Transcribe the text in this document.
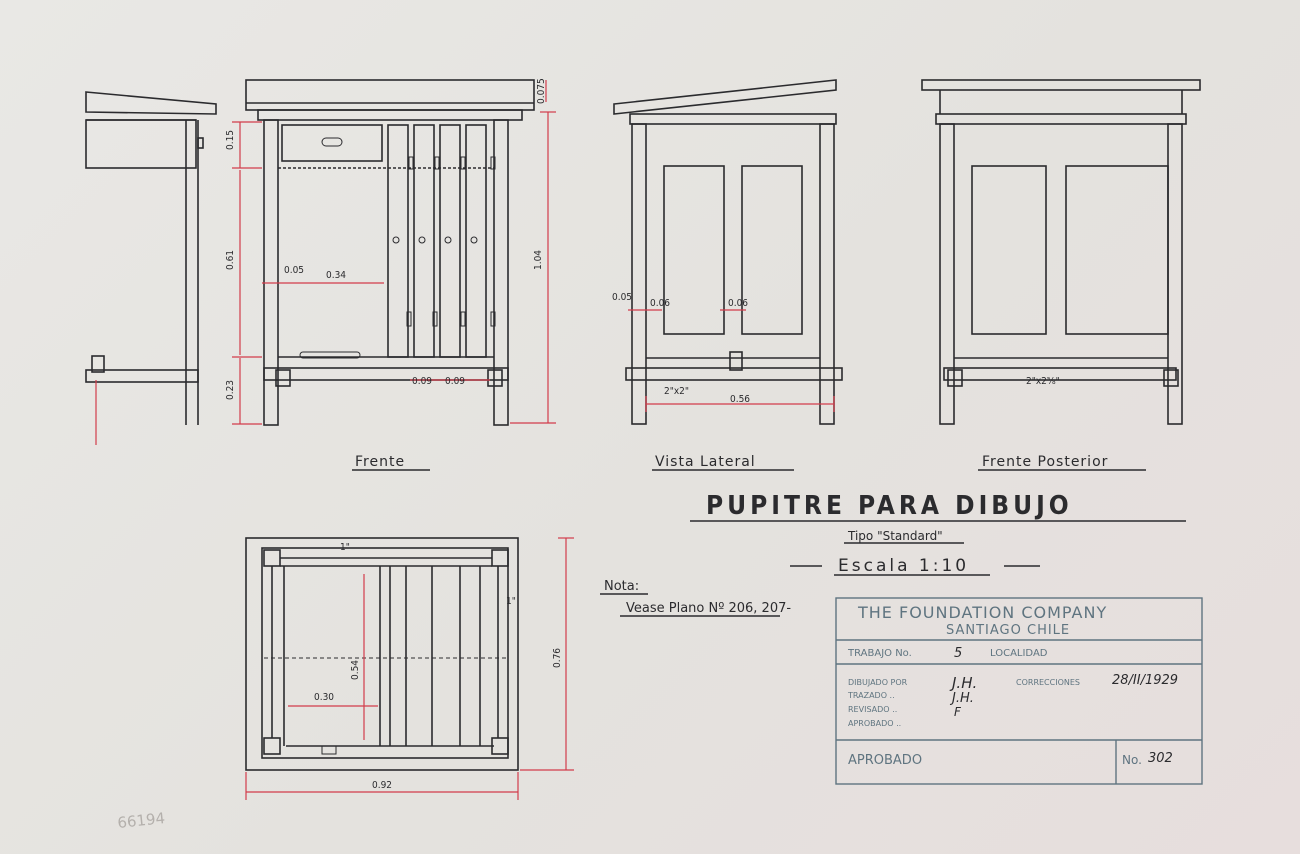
0.15
0.61
0.23
1.04
0.075
0.05 0.34
0.09 0.09
0.05
0.06	0.06
2"x2"
0.56
2"x2⅝"
0.54
0.30
0.76
0.92
1"
1"
Frente	Vista Lateral	Frente Posterior
PUPITRE PARA DIBUJO
Tipo "Standard"
Escala 1:10
Nota:
Vease Plano Nº 206, 207-	THE FOUNDATION COMPANY
SANTIAGO CHILE
TRABAJO No.	5	LOCALIDAD
DIBUJADO POR	J.H.	CORRECCIONES 28/II/1929
TRAZADO ..	J.H.
REVISADO ..	F
APROBADO ..
APROBADO	No. 302
66194
